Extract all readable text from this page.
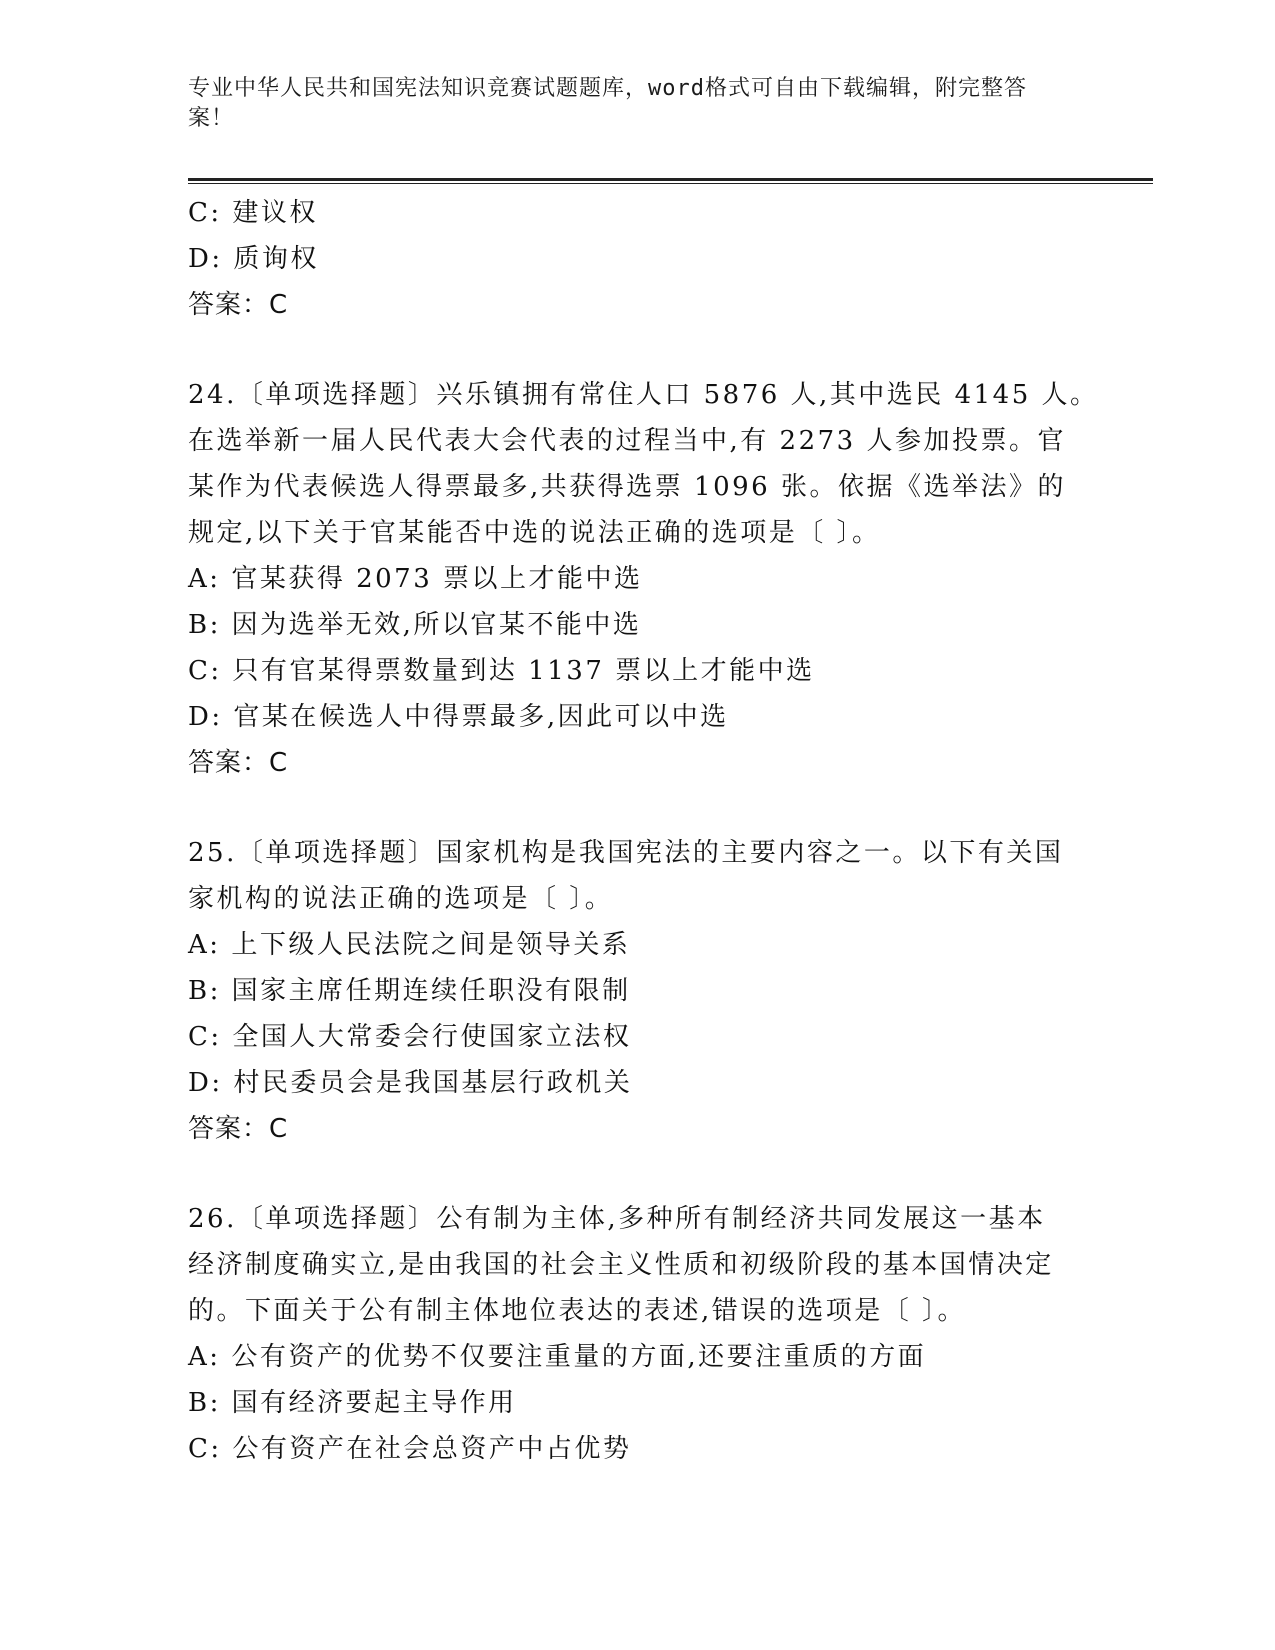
专业中华人民共和国宪法知识竞赛试题题库，word格式可自由下载编辑，附完整答案！
C: 建议权
D: 质询权
答案：C
24.〔单项选择题〕兴乐镇拥有常住人口 5876 人,其中选民 4145 人。
在选举新一届人民代表大会代表的过程当中,有 2273 人参加投票。官
某作为代表候选人得票最多,共获得选票 1096 张。依据《选举法》的
规定,以下关于官某能否中选的说法正确的选项是〔 〕。
A: 官某获得 2073 票以上才能中选
B: 因为选举无效,所以官某不能中选
C: 只有官某得票数量到达 1137 票以上才能中选
D: 官某在候选人中得票最多,因此可以中选
答案：C
25.〔单项选择题〕国家机构是我国宪法的主要内容之一。以下有关国
家机构的说法正确的选项是〔 〕。
A: 上下级人民法院之间是领导关系
B: 国家主席任期连续任职没有限制
C: 全国人大常委会行使国家立法权
D: 村民委员会是我国基层行政机关
答案：C
26.〔单项选择题〕公有制为主体,多种所有制经济共同发展这一基本
经济制度确实立,是由我国的社会主义性质和初级阶段的基本国情决定
的。下面关于公有制主体地位表达的表述,错误的选项是〔 〕。
A: 公有资产的优势不仅要注重量的方面,还要注重质的方面
B: 国有经济要起主导作用
C: 公有资产在社会总资产中占优势
